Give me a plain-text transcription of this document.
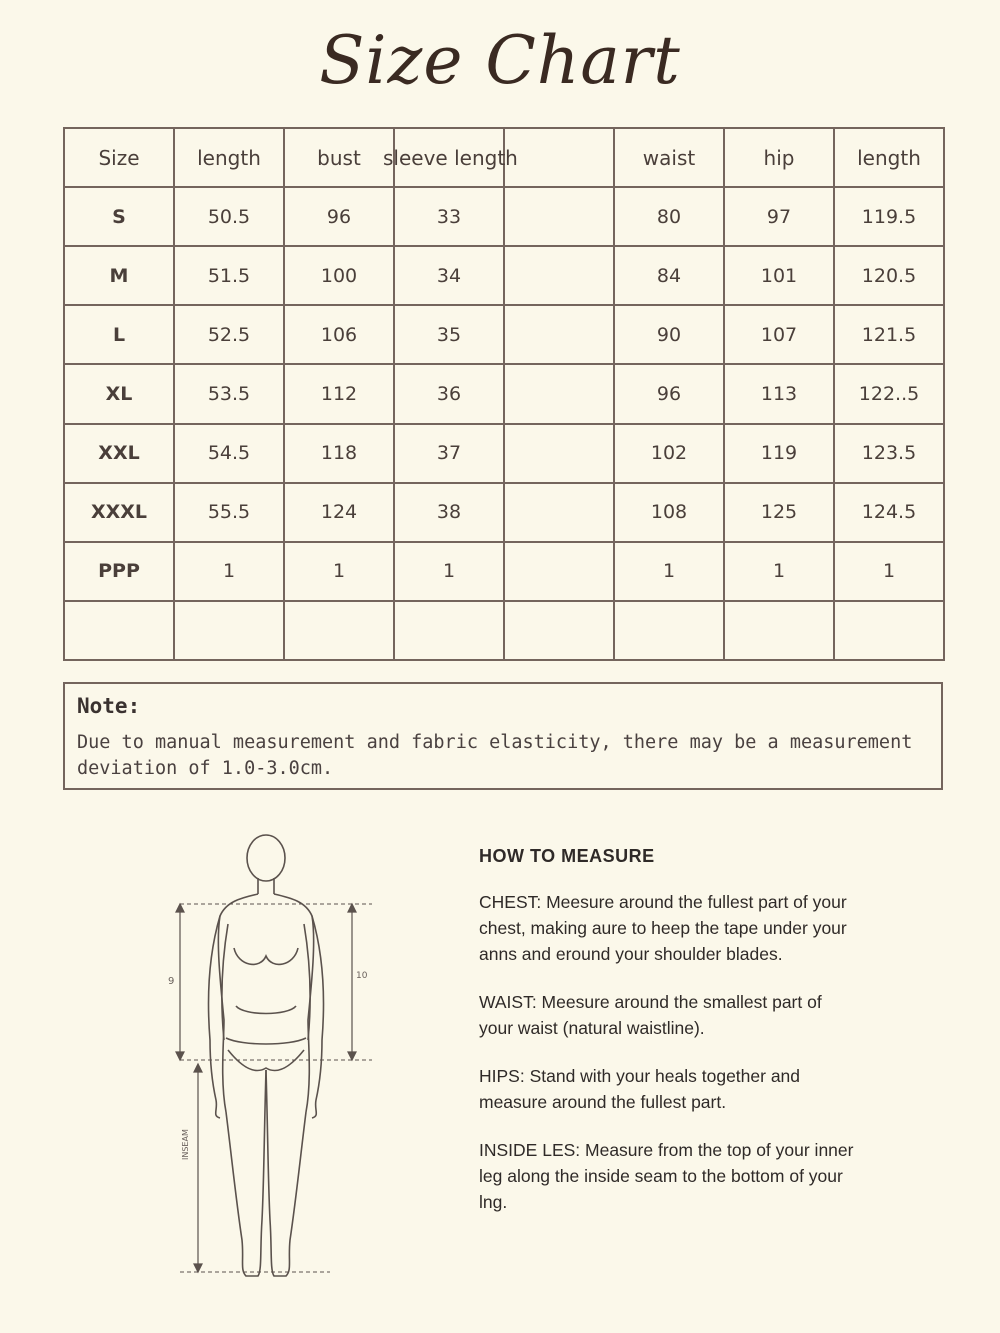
Size Chart
Size	length	bust	sleeve length		waist	hip	length
S	50.5	96	33		80	97	119.5
M	51.5	100	34		84	101	120.5
L	52.5	106	35		90	107	121.5
XL	53.5	112	36		96	113	122..5
XXL	54.5	118	37		102	119	123.5
XXXL	55.5	124	38		108	125	124.5
PPP	1	1	1		1	1	1

Note:
Due to manual measurement and fabric elasticity, there may be a measurement deviation of 1.0-3.0cm.
9	10
INSEAM
HOW TO MEASURE
CHEST: Meesure around the fullest part of your chest, making aure to heep the tape under your anns and eround your shoulder blades.
WAIST: Meesure around the smallest part of your waist (natural waistline).
HIPS: Stand with your heals together and measure around the fullest part.
INSIDE LES: Measure from the top of your inner leg along the inside seam to the bottom of your lng.
